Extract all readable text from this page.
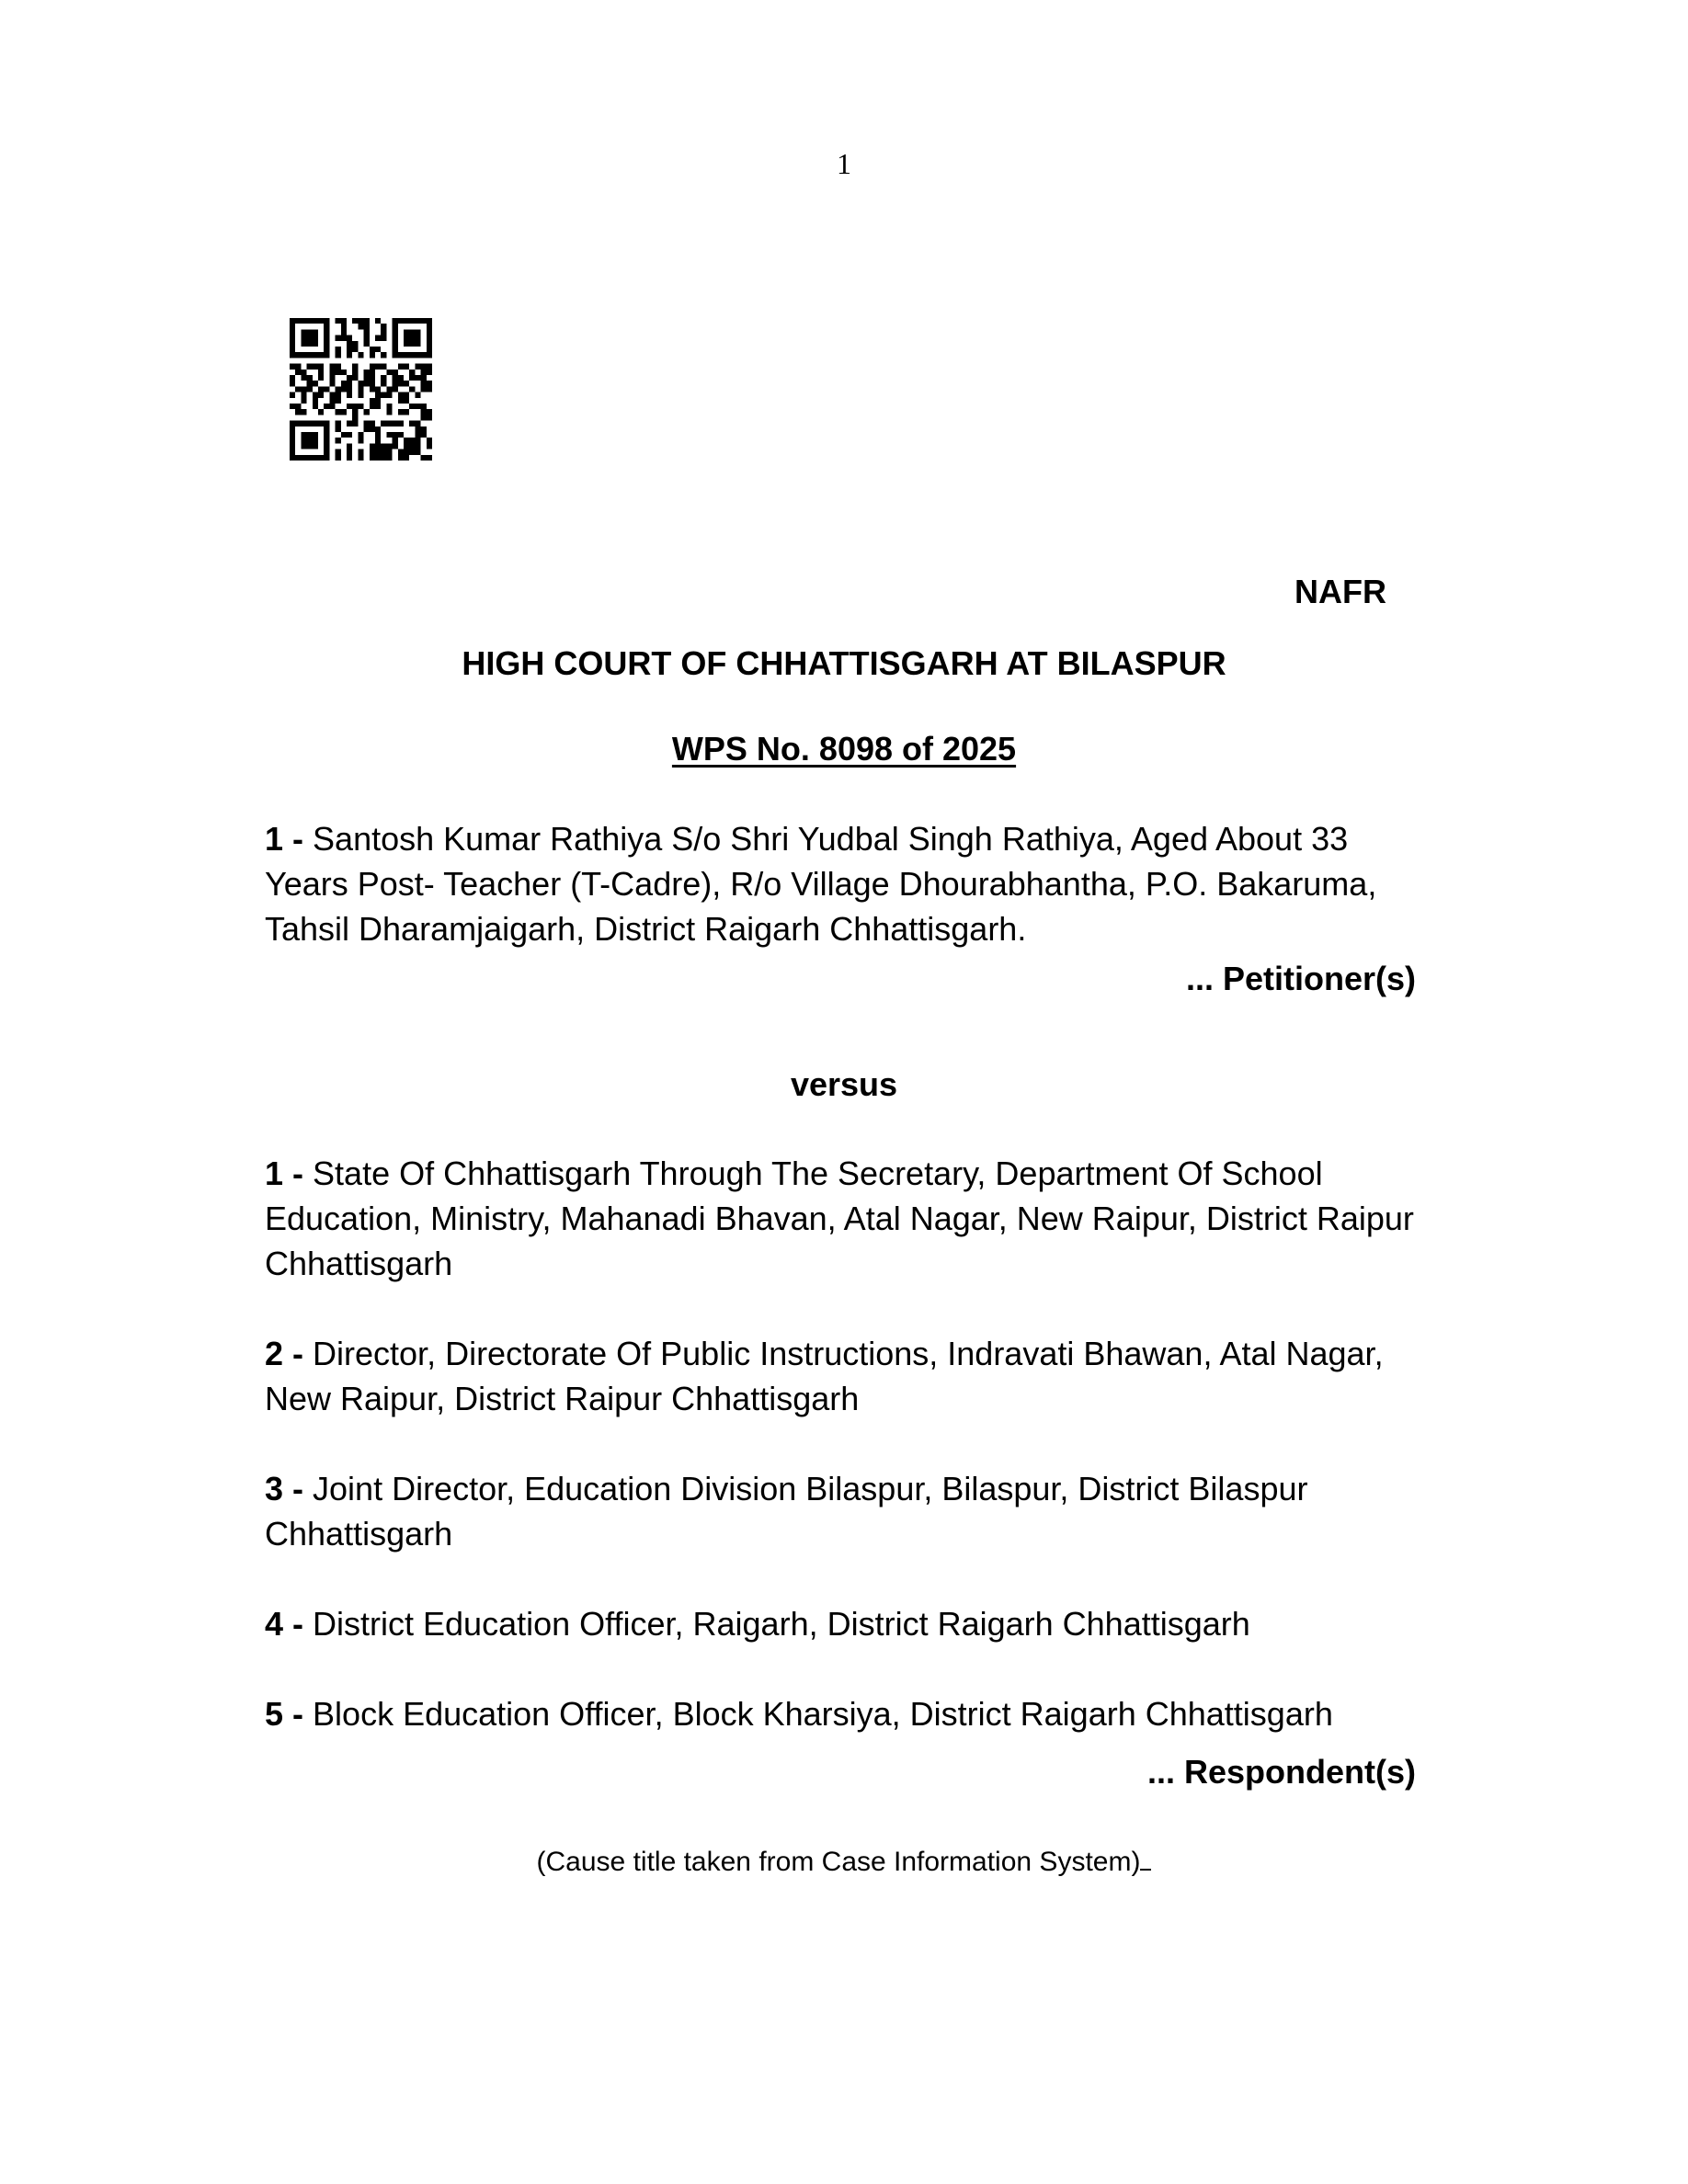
1
NAFR
HIGH COURT OF CHHATTISGARH AT BILASPUR
WPS No. 8098 of 2025
1 - Santosh Kumar Rathiya S/o Shri Yudbal Singh Rathiya, Aged About 33 Years Post- Teacher (T-Cadre), R/o Village Dhourabhantha, P.O. Bakaruma, Tahsil Dharamjaigarh, District Raigarh Chhattisgarh.
... Petitioner(s)
versus
1 - State Of Chhattisgarh Through The Secretary, Department Of School Education, Ministry, Mahanadi Bhavan, Atal Nagar, New Raipur, District Raipur Chhattisgarh
2 - Director, Directorate Of Public Instructions, Indravati Bhawan, Atal Nagar, New Raipur, District Raipur Chhattisgarh
3 - Joint Director, Education Division Bilaspur, Bilaspur, District Bilaspur Chhattisgarh
4 - District Education Officer, Raigarh, District Raigarh Chhattisgarh
5 - Block Education Officer, Block Kharsiya, District Raigarh Chhattisgarh
... Respondent(s)
(Cause title taken from Case Information System)
